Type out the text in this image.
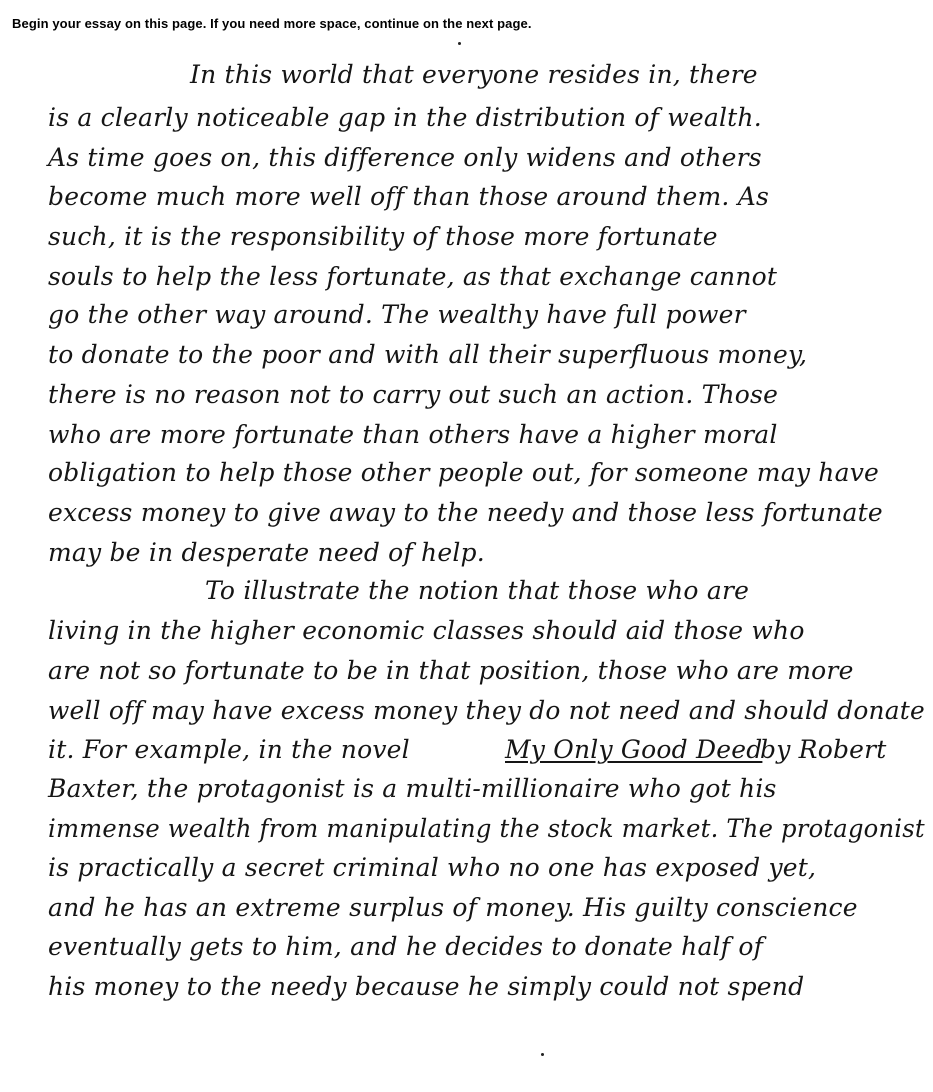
Begin your essay on this page. If you need more space, continue on the next page.
In this world that everyone resides in, there
is a clearly noticeable gap in the distribution of wealth.
As time goes on, this difference only widens and others
become much more well off than those around them. As
such, it is the responsibility of those more fortunate
souls to help the less fortunate, as that exchange cannot
go the other way around. The wealthy have full power
to donate to the poor and with all their superfluous money,
there is no reason not to carry out such an action. Those
who are more fortunate than others have a higher moral
obligation to help those other people out, for someone may have
excess money to give away to the needy and those less fortunate
may be in desperate need of help.
To illustrate the notion that those who are
living in the higher economic classes should aid those who
are not so fortunate to be in that position, those who are more
well off may have excess money they do not need and should donate
it. For example, in the novel	My Only Good Deed
by Robert
Baxter, the protagonist is a multi-millionaire who got his
immense wealth from manipulating the stock market. The protagonist
is practically a secret criminal who no one has exposed yet,
and he has an extreme surplus of money. His guilty conscience
eventually gets to him, and he decides to donate half of
his money to the needy because he simply could not spend
